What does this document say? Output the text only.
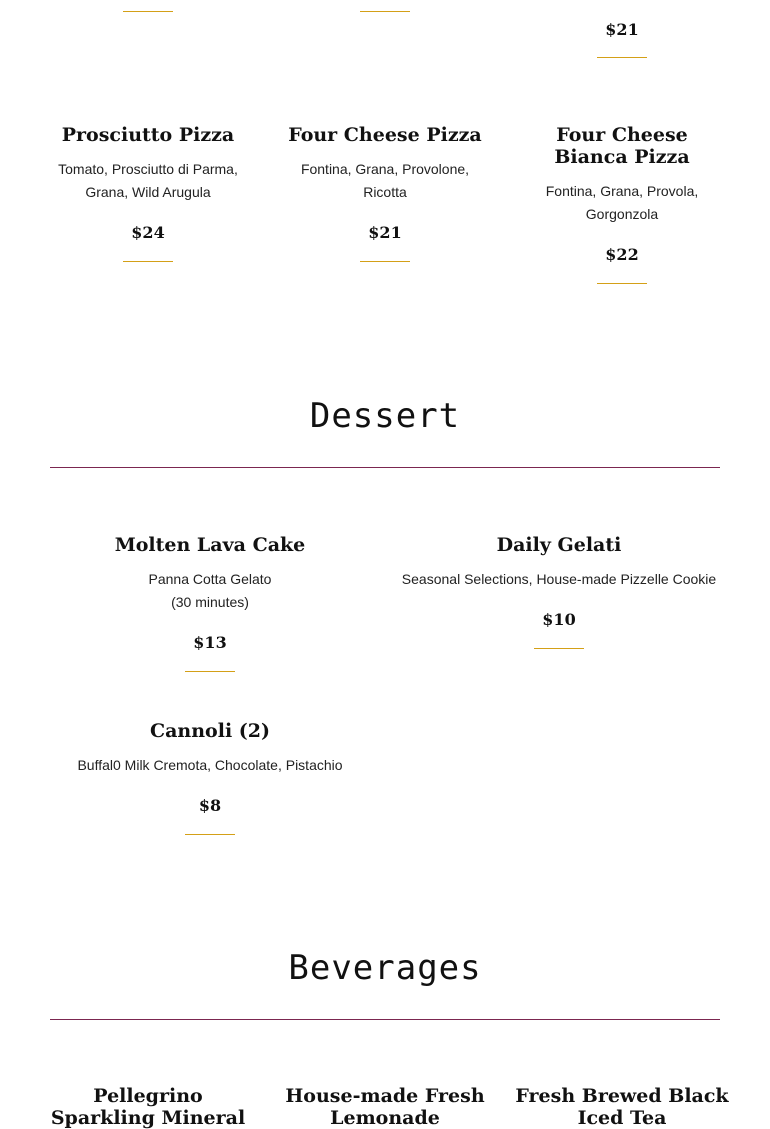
$21
Prosciutto Pizza
Tomato, Prosciutto di Parma, Grana, Wild Arugula
$24
Four Cheese Pizza
Fontina, Grana, Provolone, Ricotta
$21
Four Cheese Bianca Pizza
Fontina, Grana, Provola, Gorgonzola
$22
Dessert
Molten Lava Cake
Panna Cotta Gelato
(30 minutes)
$13
Daily Gelati
Seasonal Selections, House-made Pizzelle Cookie
$10
Cannoli (2)
Buffal0 Milk Cremota, Chocolate, Pistachio
$8
Beverages
Pellegrino Sparkling Mineral
House-made Fresh Lemonade
Fresh Brewed Black Iced Tea
